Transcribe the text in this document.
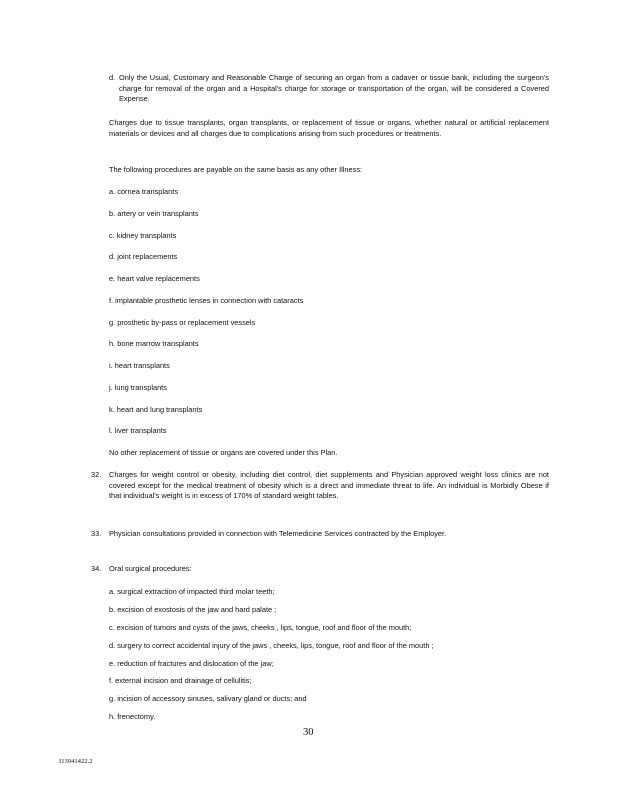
d. Only the Usual, Customary and Reasonable Charge of securing an organ from a cadaver or tissue bank, including the surgeon's charge for removal of the organ and a Hospital's charge for storage or transportation of the organ, will be considered a Covered Expense.
Charges due to tissue transplants, organ transplants, or replacement of tissue or organs, whether natural or artificial replacement materials or devices and all charges due to complications arising from such procedures or treatments.
The following procedures are payable on the same basis as any other Illness:
a. cornea transplants
b. artery or vein transplants
c. kidney transplants
d. joint replacements
e. heart valve replacements
f. implantable prosthetic lenses in connection with cataracts
g. prosthetic by-pass or replacement vessels
h. bone marrow transplants
i. heart transplants
j. lung transplants
k. heart and lung transplants
l. liver transplants
No other replacement of tissue or organs are covered under this Plan.
32. Charges for weight control or obesity, including diet control, diet supplements and Physician approved weight loss clinics are not covered except for the medical treatment of obesity which is a direct and immediate threat to life. An individual is Morbidly Obese if that individual's weight is in excess of 170% of standard weight tables.
33. Physician consultations provided in connection with Telemedicine Services contracted by the Employer.
34. Oral surgical procedures:
a. surgical extraction of impacted third molar teeth;
b. excision of exostosis of the jaw and hard palate ;
c. excision of tumors and cysts of the jaws, cheeks , lips, tongue, roof and floor of the mouth;
d. surgery to correct accidental injury of the jaws , cheeks, lips, tongue, roof and floor of the mouth ;
e. reduction of fractures and dislocation of the jaw;
f. external incision and drainage of cellulitis;
g. incision of accessory sinuses, salivary gland or ducts; and
h. frenectomy.
30
I13941422.2
